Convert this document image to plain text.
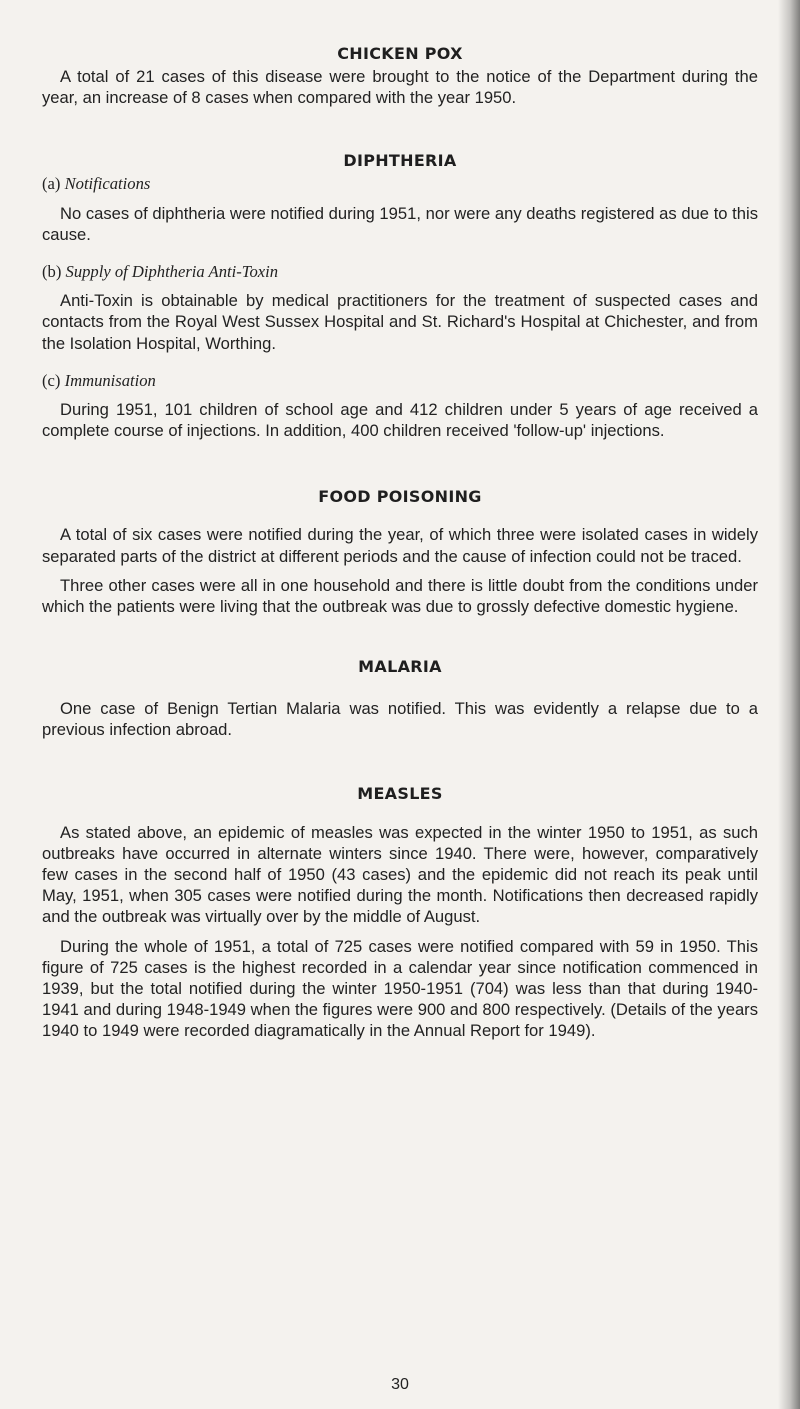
CHICKEN POX

A total of 21 cases of this disease were brought to the notice of the Department during the year, an increase of 8 cases when compared with the year 1950.

DIPHTHERIA
(a) Notifications

No cases of diphtheria were notified during 1951, nor were any deaths registered as due to this cause.

(b) Supply of Diphtheria Anti-Toxin

Anti-Toxin is obtainable by medical practitioners for the treatment of suspected cases and contacts from the Royal West Sussex Hospital and St. Richard's Hospital at Chichester, and from the Isolation Hospital, Worthing.

(c) Immunisation

During 1951, 101 children of school age and 412 children under 5 years of age received a complete course of injections. In addition, 400 children received 'follow-up' injections.

FOOD POISONING

A total of six cases were notified during the year, of which three were isolated cases in widely separated parts of the district at different periods and the cause of infection could not be traced.

Three other cases were all in one household and there is little doubt from the conditions under which the patients were living that the outbreak was due to grossly defective domestic hygiene.

MALARIA

One case of Benign Tertian Malaria was notified. This was evidently a relapse due to a previous infection abroad.

MEASLES

As stated above, an epidemic of measles was expected in the winter 1950 to 1951, as such outbreaks have occurred in alternate winters since 1940. There were, however, comparatively few cases in the second half of 1950 (43 cases) and the epidemic did not reach its peak until May, 1951, when 305 cases were notified during the month. Notifications then decreased rapidly and the outbreak was virtually over by the middle of August.

During the whole of 1951, a total of 725 cases were notified compared with 59 in 1950. This figure of 725 cases is the highest recorded in a calendar year since notification commenced in 1939, but the total notified during the winter 1950-1951 (704) was less than that during 1940-1941 and during 1948-1949 when the figures were 900 and 800 respectively. (Details of the years 1940 to 1949 were recorded diagramatically in the Annual Report for 1949).

30
